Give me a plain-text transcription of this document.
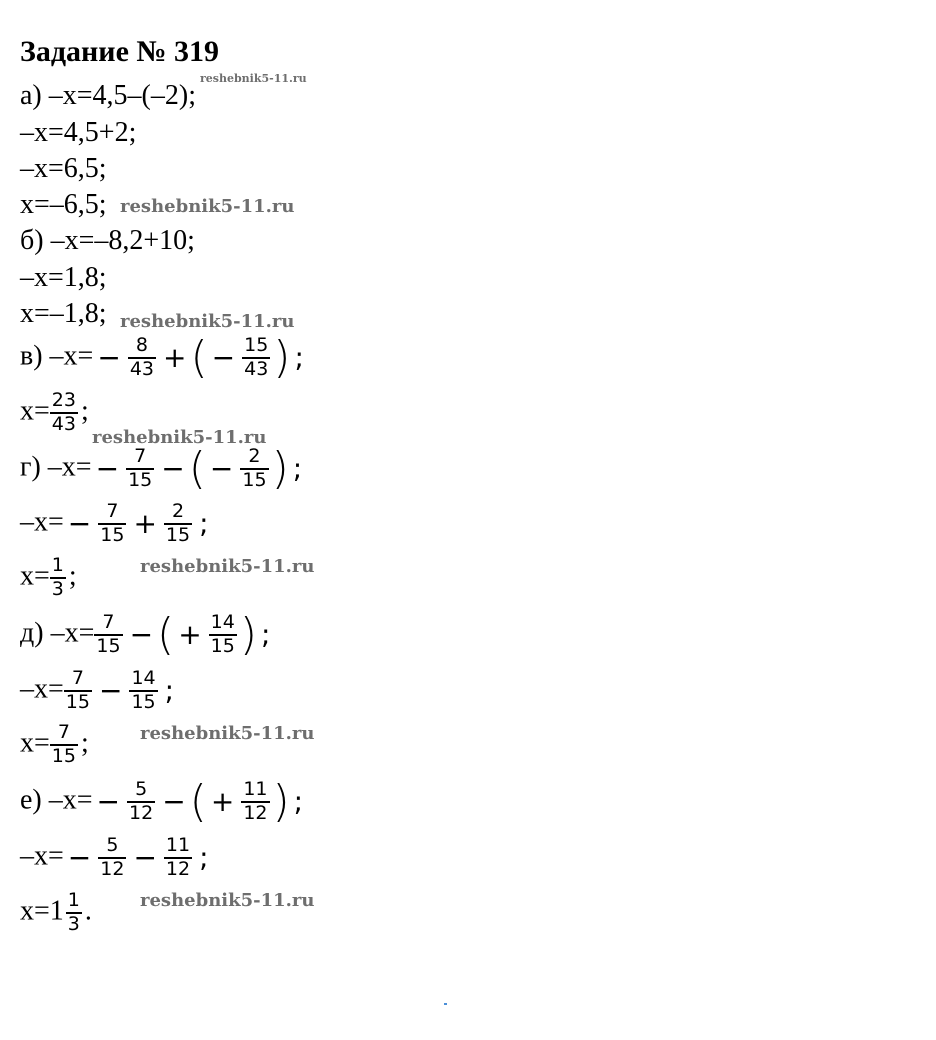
Задание № 319
reshebnik5-11.ru
а) –x=4,5–(–2);
–x=4,5+2;
–x=6,5;
x=–6,5; reshebnik5-11.ru
б) –x=–8,2+10;
–x=1,8;
x=–1,8; reshebnik5-11.ru
в) $-x= - \frac{8}{43}$ +( − $\frac{15}{43}$ ) ;
$x= \frac{23}{43}$ ;
reshebnik5-11.ru
г) $-x= - \frac{7}{15}$ −( − $\frac{2}{15}$ ) ;
$-x= - \frac{7}{15} + \frac{2}{15}$ ;
reshebnik5-11.ru
$x= \frac{1}{3}$ ;
д) $-x= \frac{7}{15}$ −( + $\frac{14}{15}$ ) ;
$-x= \frac{7}{15} - \frac{14}{15}$ ;
reshebnik5-11.ru
$x= \frac{7}{15}$ ;
е) $-x= - \frac{5}{12}$ −( + $\frac{11}{12}$ ) ;
$-x= - \frac{5}{12} - \frac{11}{12}$ ;
reshebnik5-11.ru
$x=1 \frac{1}{3}$ .
